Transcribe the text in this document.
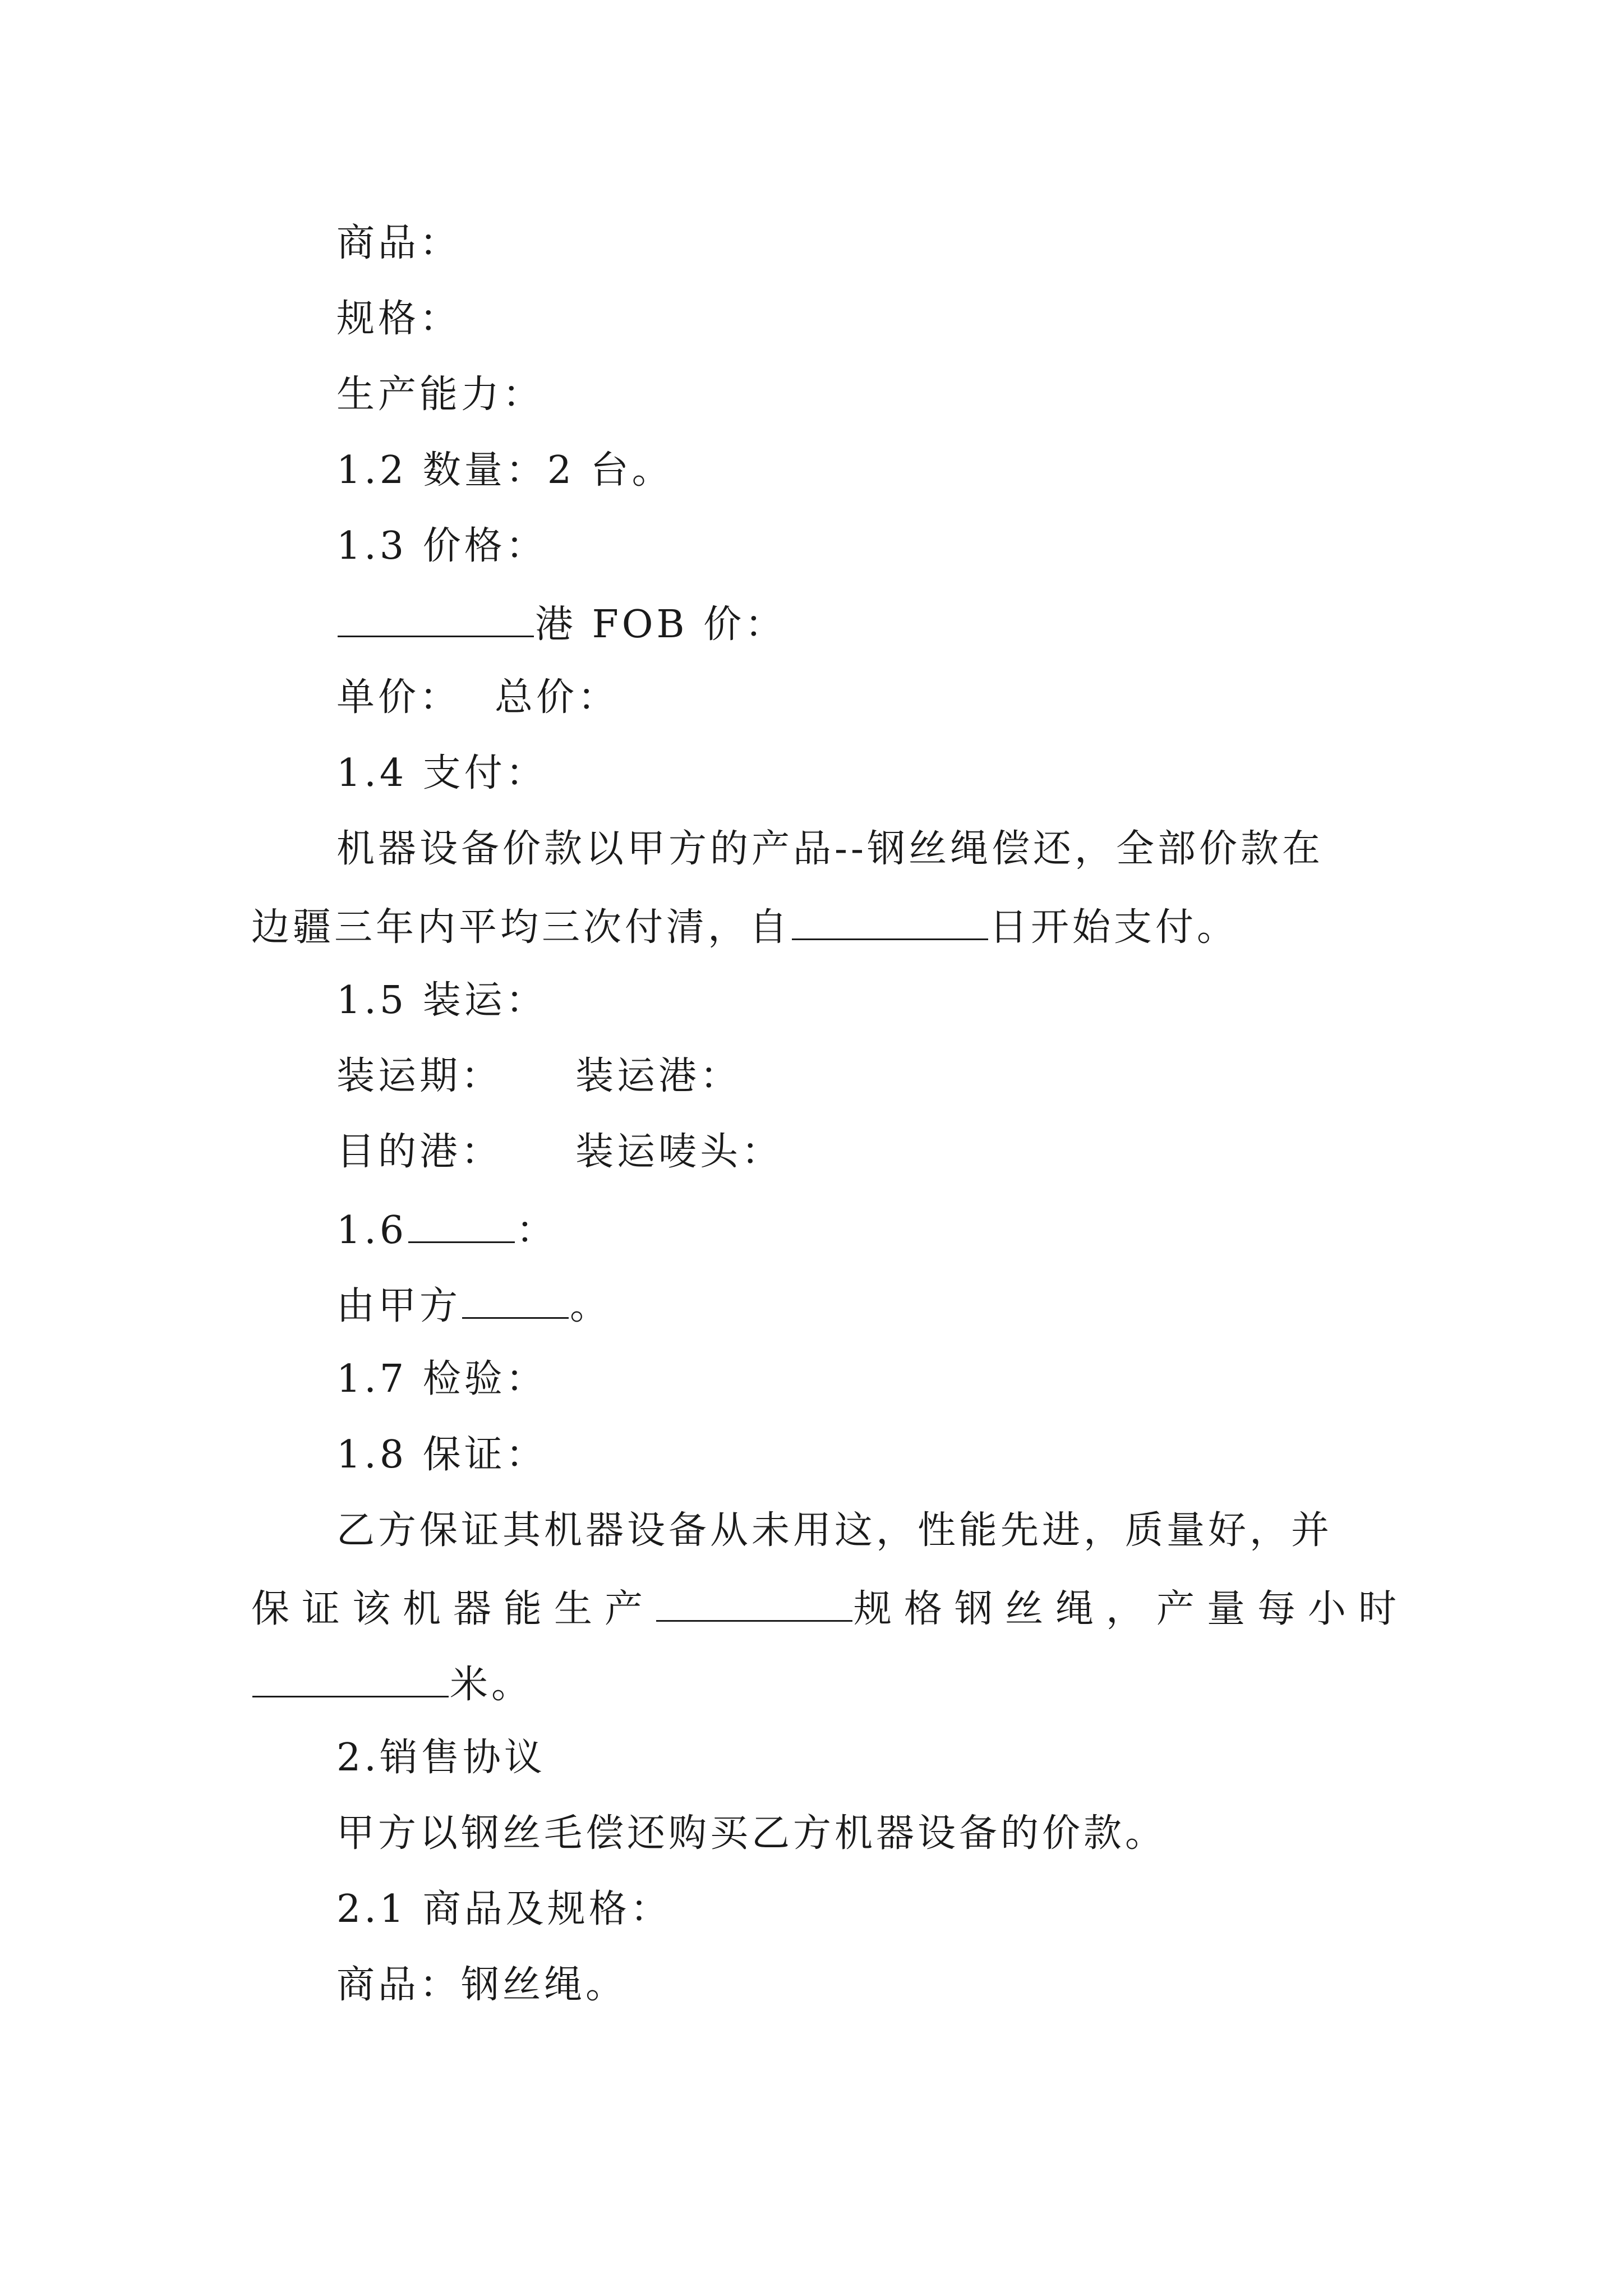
商品：
规格：
生产能力：
1.2 数量：2 台。
1.3 价格：
港 FOB 价：
单价： 总价：
1.4 支付：
机器设备价款以甲方的产品--钢丝绳偿还，全部价款在
边疆三年内平均三次付清，自	日开始支付。
1.5 装运：
装运期： 装运港：
目的港： 装运唛头：
1.6	：
由甲方	。
1.7 检验：
1.8 保证：
乙方保证其机器设备从未用这，性能先进，质量好，并
保证该机器能生产	规格钢丝绳，产量每小时
米。
2.销售协议
甲方以钢丝毛偿还购买乙方机器设备的价款。
2.1 商品及规格：
商品：钢丝绳。
